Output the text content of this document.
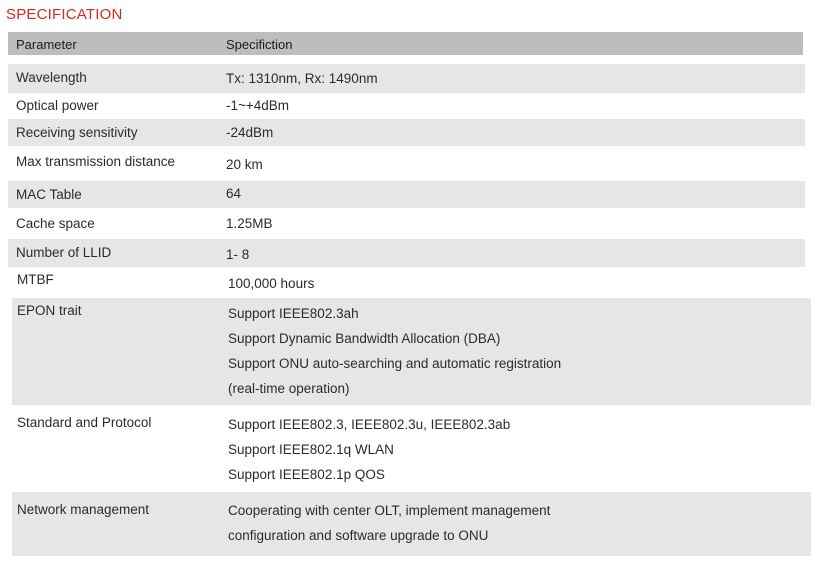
SPECIFICATION
Parameter	Specifiction
Wavelength	Tx: 1310nm, Rx: 1490nm
Optical power	-1~+4dBm
Receiving sensitivity	-24dBm
Max transmission distance	20 km
MAC Table	64
Cache space	1.25MB
Number of LLID	1- 8
MTBF	100,000 hours
EPON trait	Support IEEE802.3ah
Support Dynamic Bandwidth Allocation (DBA)
Support ONU auto-searching and automatic registration
(real-time operation)
Standard and Protocol	Support IEEE802.3, IEEE802.3u, IEEE802.3ab
Support IEEE802.1q WLAN
Support IEEE802.1p QOS
Network management	Cooperating with center OLT, implement management
configuration and software upgrade to ONU
